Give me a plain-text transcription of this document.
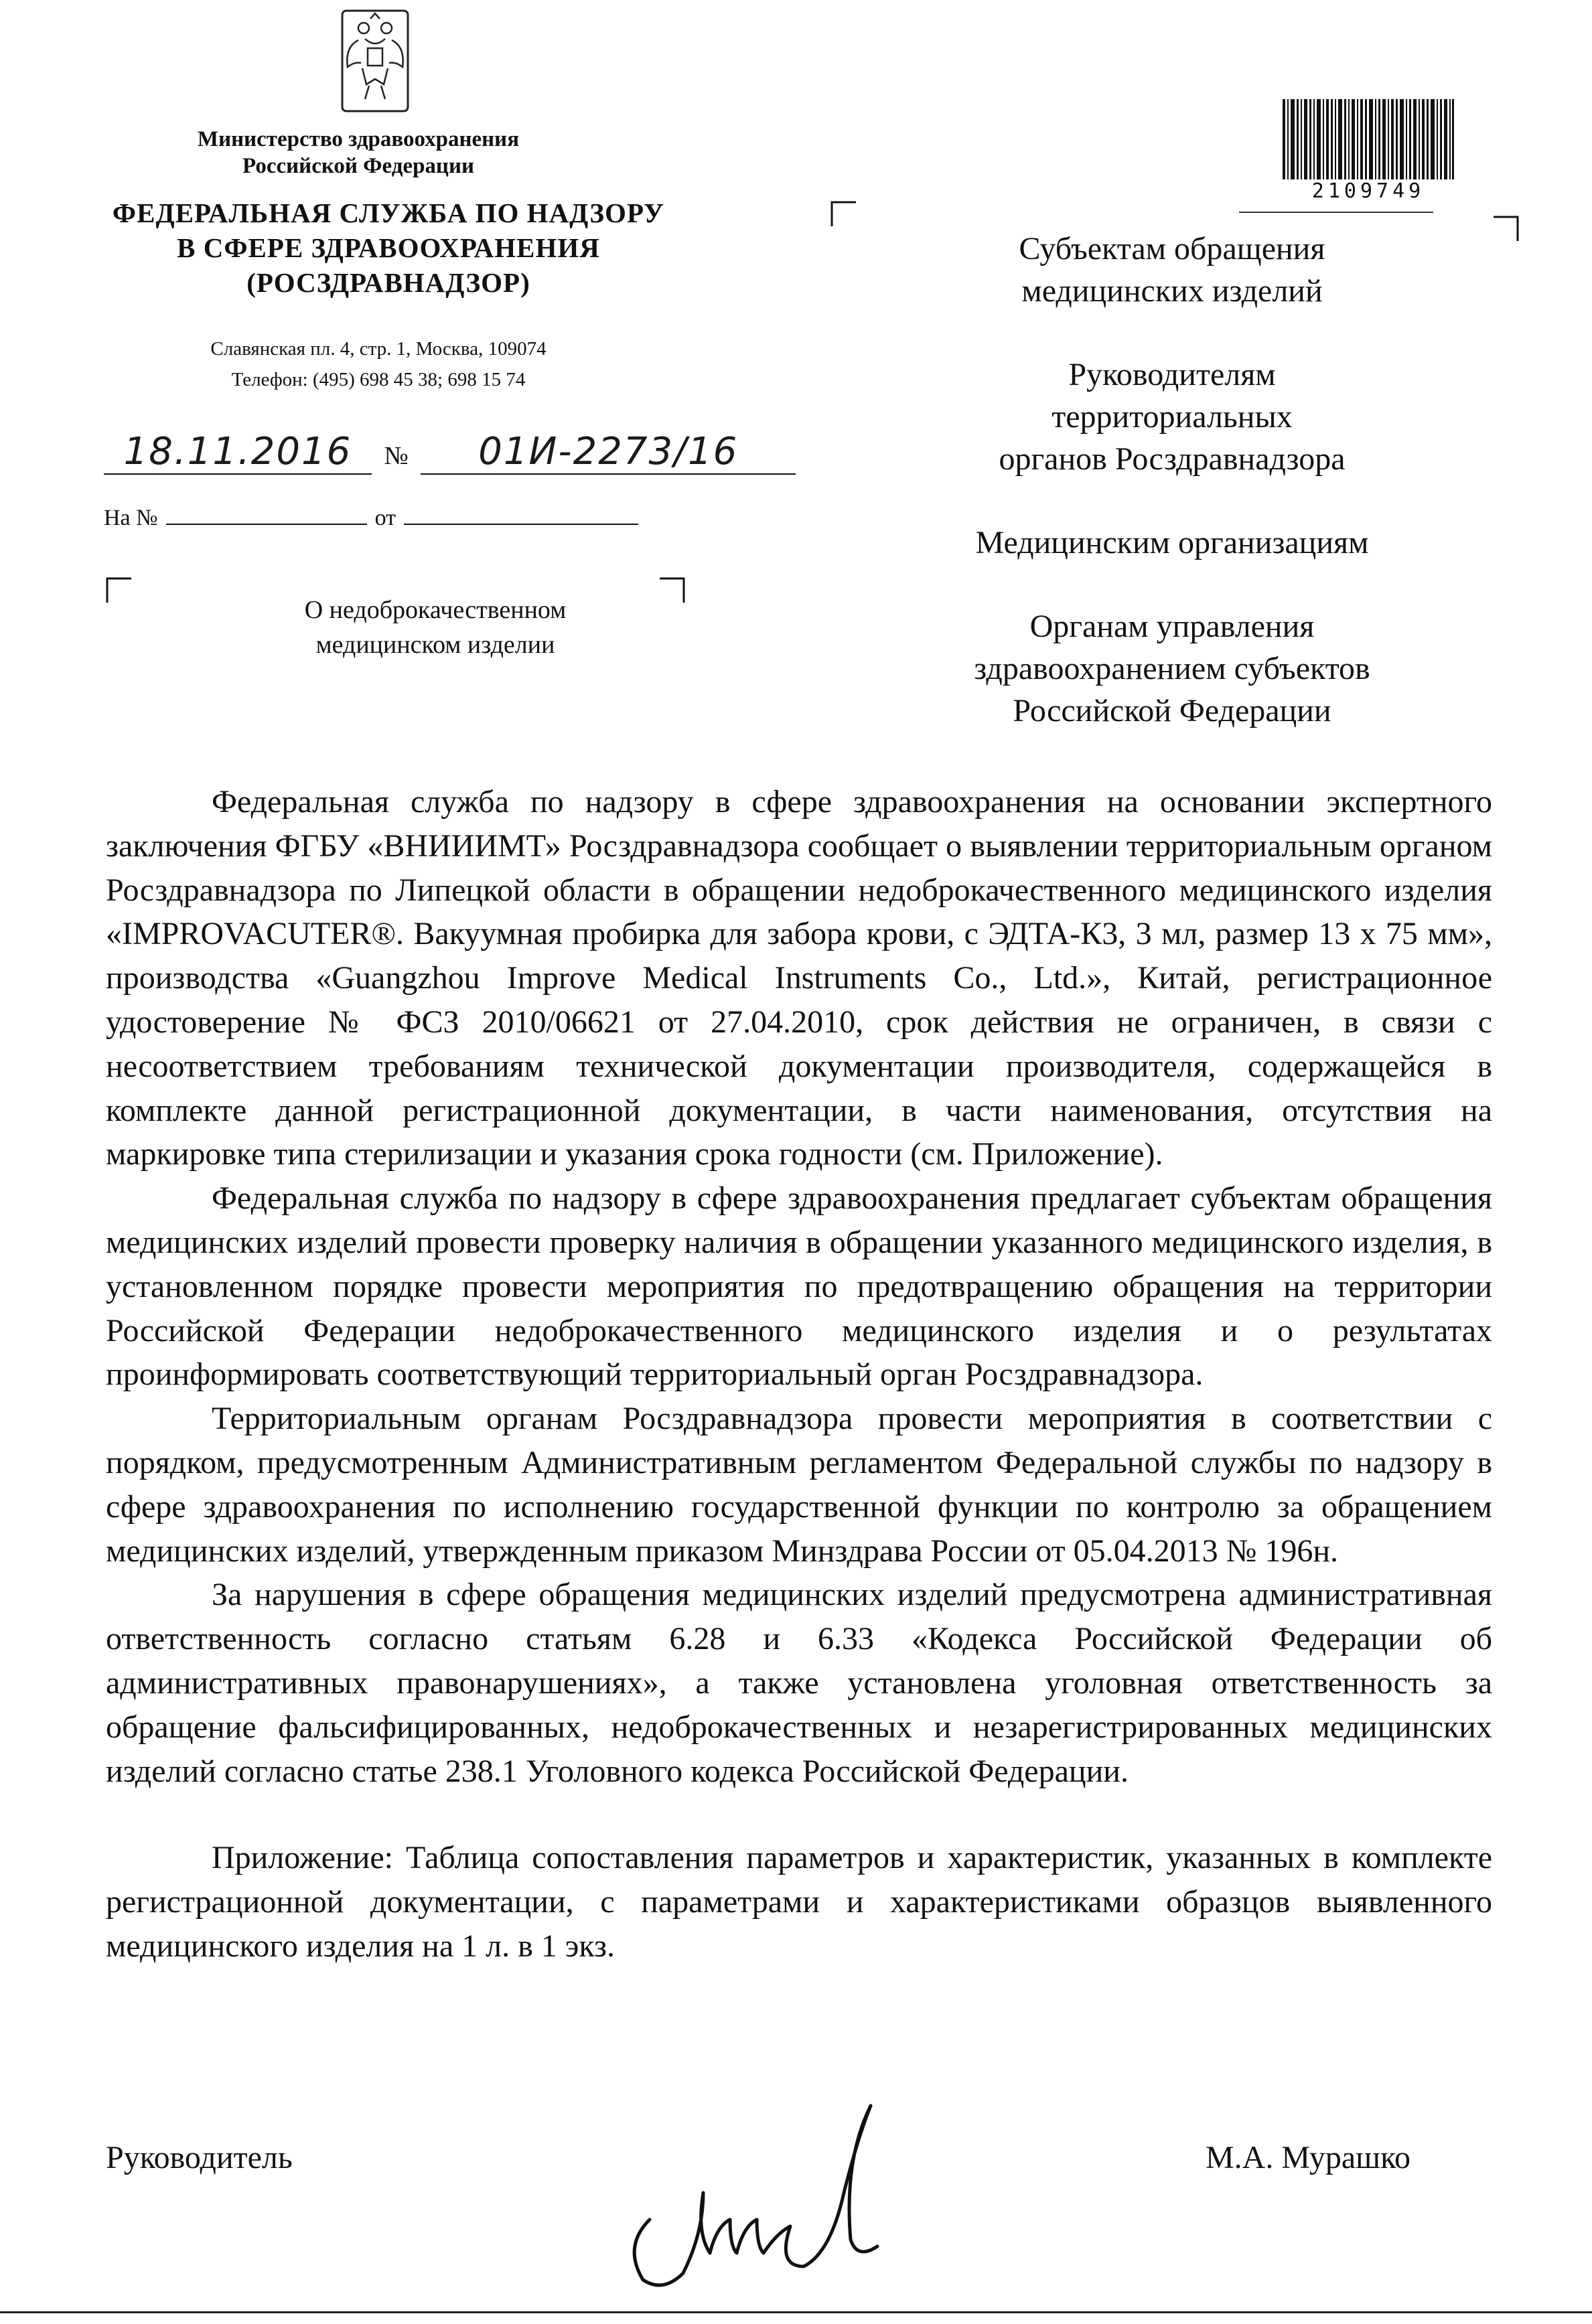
Министерство здравоохранения
Российской Федерации
ФЕДЕРАЛЬНАЯ СЛУЖБА ПО НАДЗОРУ
В СФЕРЕ ЗДРАВООХРАНЕНИЯ
(РОСЗДРАВНАДЗОР)
Славянская пл. 4, стр. 1, Москва, 109074
Телефон: (495) 698 45 38; 698 15 74
18.11.2016 № 01И-2273/16
На №	от
О недоброкачественном
медицинском изделии
2109749
Субъектам обращения
медицинских изделий
Руководителям
территориальных
органов Росздравнадзора
Медицинским организациям
Органам управления
здравоохранением субъектов
Российской Федерации

Федеральная служба по надзору в сфере здравоохранения на основании экспертного заключения ФГБУ «ВНИИИМТ» Росздравнадзора сообщает о выявлении территориальным органом Росздравнадзора по Липецкой области в обращении недоброкачественного медицинского изделия «IMPROVACUTER®. Вакуумная пробирка для забора крови, с ЭДТА-К3, 3 мл, размер 13 х 75 мм», производства «Guangzhou Improve Medical Instruments Co., Ltd.», Китай, регистрационное удостоверение № ФСЗ 2010/06621 от 27.04.2010, срок действия не ограничен, в связи с несоответствием требованиям технической документации производителя, содержащейся в комплекте данной регистрационной документации, в части наименования, отсутствия на маркировке типа стерилизации и указания срока годности (см. Приложение).

Федеральная служба по надзору в сфере здравоохранения предлагает субъектам обращения медицинских изделий провести проверку наличия в обращении указанного медицинского изделия, в установленном порядке провести мероприятия по предотвращению обращения на территории Российской Федерации недоброкачественного медицинского изделия и о результатах проинформировать соответствующий территориальный орган Росздравнадзора.

Территориальным органам Росздравнадзора провести мероприятия в соответствии с порядком, предусмотренным Административным регламентом Федеральной службы по надзору в сфере здравоохранения по исполнению государственной функции по контролю за обращением медицинских изделий, утвержденным приказом Минздрава России от 05.04.2013 № 196н.

За нарушения в сфере обращения медицинских изделий предусмотрена административная ответственность согласно статьям 6.28 и 6.33 «Кодекса Российской Федерации об административных правонарушениях», а также установлена уголовная ответственность за обращение фальсифицированных, недоброкачественных и незарегистрированных медицинских изделий согласно статье 238.1 Уголовного кодекса Российской Федерации.

Приложение: Таблица сопоставления параметров и характеристик, указанных в комплекте регистрационной документации, с параметрами и характеристиками образцов выявленного медицинского изделия на 1 л. в 1 экз.

Руководитель	М.А. Мурашко
